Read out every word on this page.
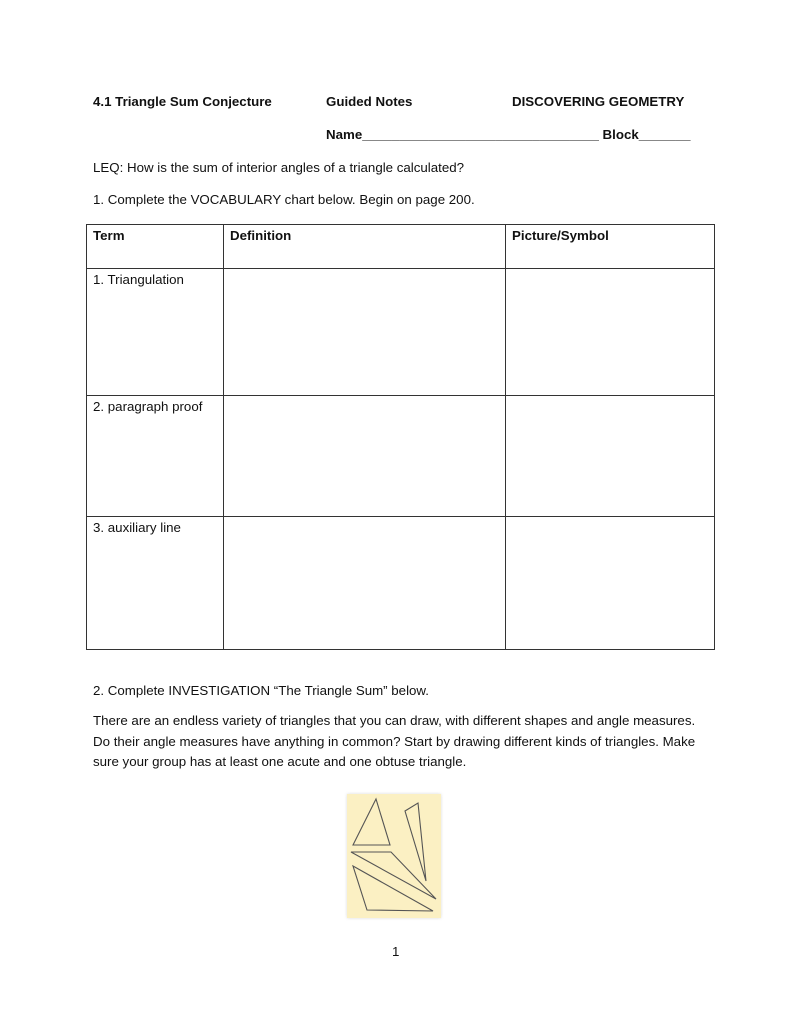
4.1 Triangle Sum Conjecture	Guided Notes	DISCOVERING GEOMETRY
Name________________________________ Block_______
LEQ: How is the sum of interior angles of a triangle calculated?
1. Complete the VOCABULARY chart below. Begin on page 200.
Term	Definition	Picture/Symbol
1. Triangulation		
2. paragraph proof		
3. auxiliary line		
2. Complete INVESTIGATION “The Triangle Sum” below.
There are an endless variety of triangles that you can draw, with different shapes and angle measures. Do their angle measures have anything in common? Start by drawing different kinds of triangles. Make sure your group has at least one acute and one obtuse triangle.
1
